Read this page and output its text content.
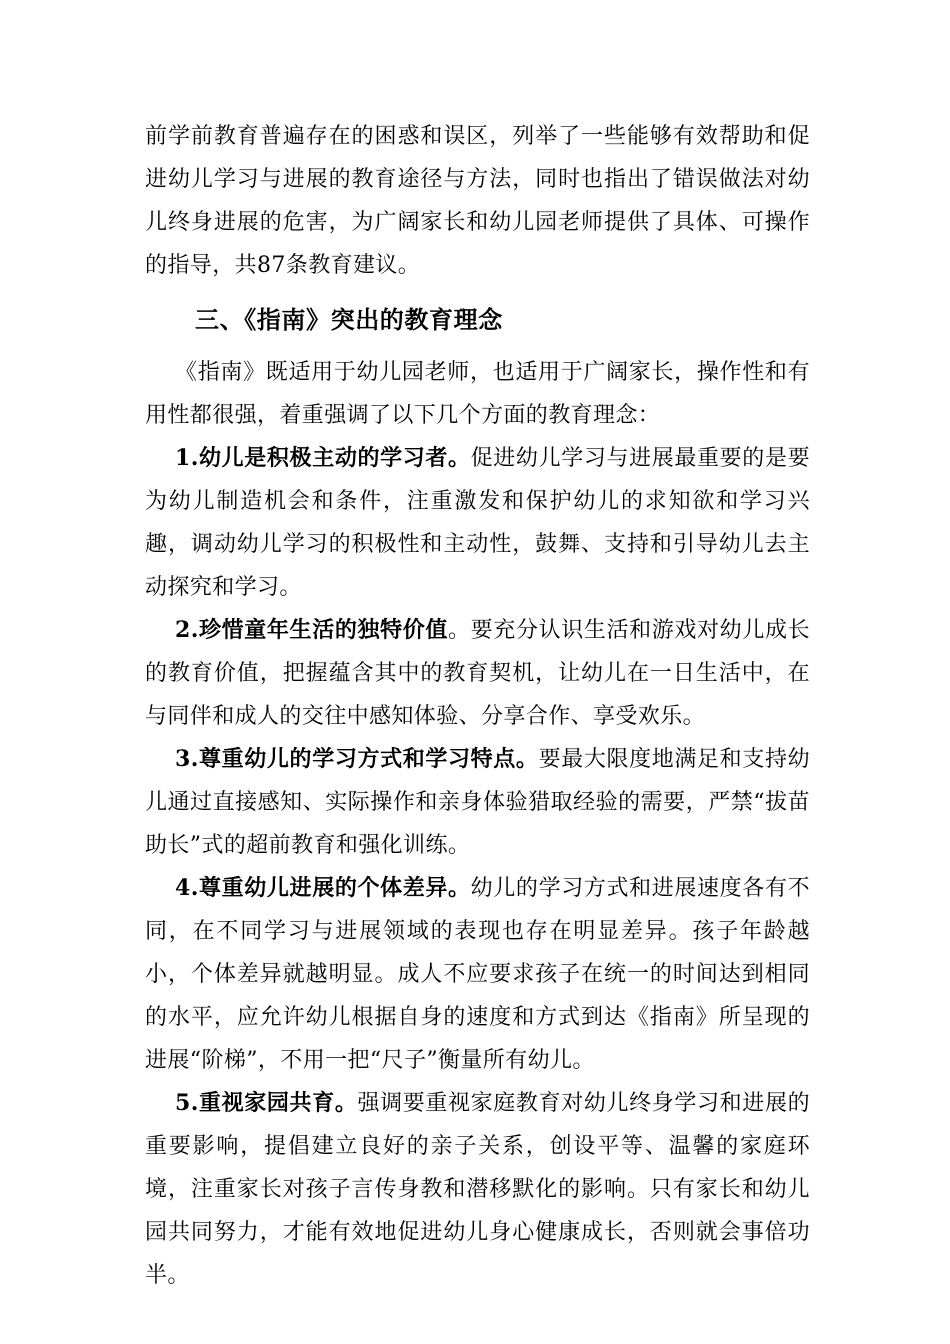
前学前教育普遍存在的困惑和误区，列举了一些能够有效帮助和促进幼儿学习与进展的教育途径与方法，同时也指出了错误做法对幼儿终身进展的危害，为广阔家长和幼儿园老师提供了具体、可操作的指导，共87条教育建议。

三、《指南》突出的教育理念

《指南》既适用于幼儿园老师，也适用于广阔家长，操作性和有用性都很强，着重强调了以下几个方面的教育理念：

1.幼儿是积极主动的学习者。促进幼儿学习与进展最重要的是要为幼儿制造机会和条件，注重激发和保护幼儿的求知欲和学习兴趣，调动幼儿学习的积极性和主动性，鼓舞、支持和引导幼儿去主动探究和学习。

2.珍惜童年生活的独特价值。要充分认识生活和游戏对幼儿成长的教育价值，把握蕴含其中的教育契机，让幼儿在一日生活中，在与同伴和成人的交往中感知体验、分享合作、享受欢乐。

3.尊重幼儿的学习方式和学习特点。要最大限度地满足和支持幼儿通过直接感知、实际操作和亲身体验猎取经验的需要，严禁“拔苗助长”式的超前教育和强化训练。

4.尊重幼儿进展的个体差异。幼儿的学习方式和进展速度各有不同，在不同学习与进展领域的表现也存在明显差异。孩子年龄越小，个体差异就越明显。成人不应要求孩子在统一的时间达到相同的水平，应允许幼儿根据自身的速度和方式到达《指南》所呈现的进展“阶梯”，不用一把“尺子”衡量所有幼儿。

5.重视家园共育。强调要重视家庭教育对幼儿终身学习和进展的重要影响，提倡建立良好的亲子关系，创设平等、温馨的家庭环境，注重家长对孩子言传身教和潜移默化的影响。只有家长和幼儿园共同努力，才能有效地促进幼儿身心健康成长，否则就会事倍功半。
